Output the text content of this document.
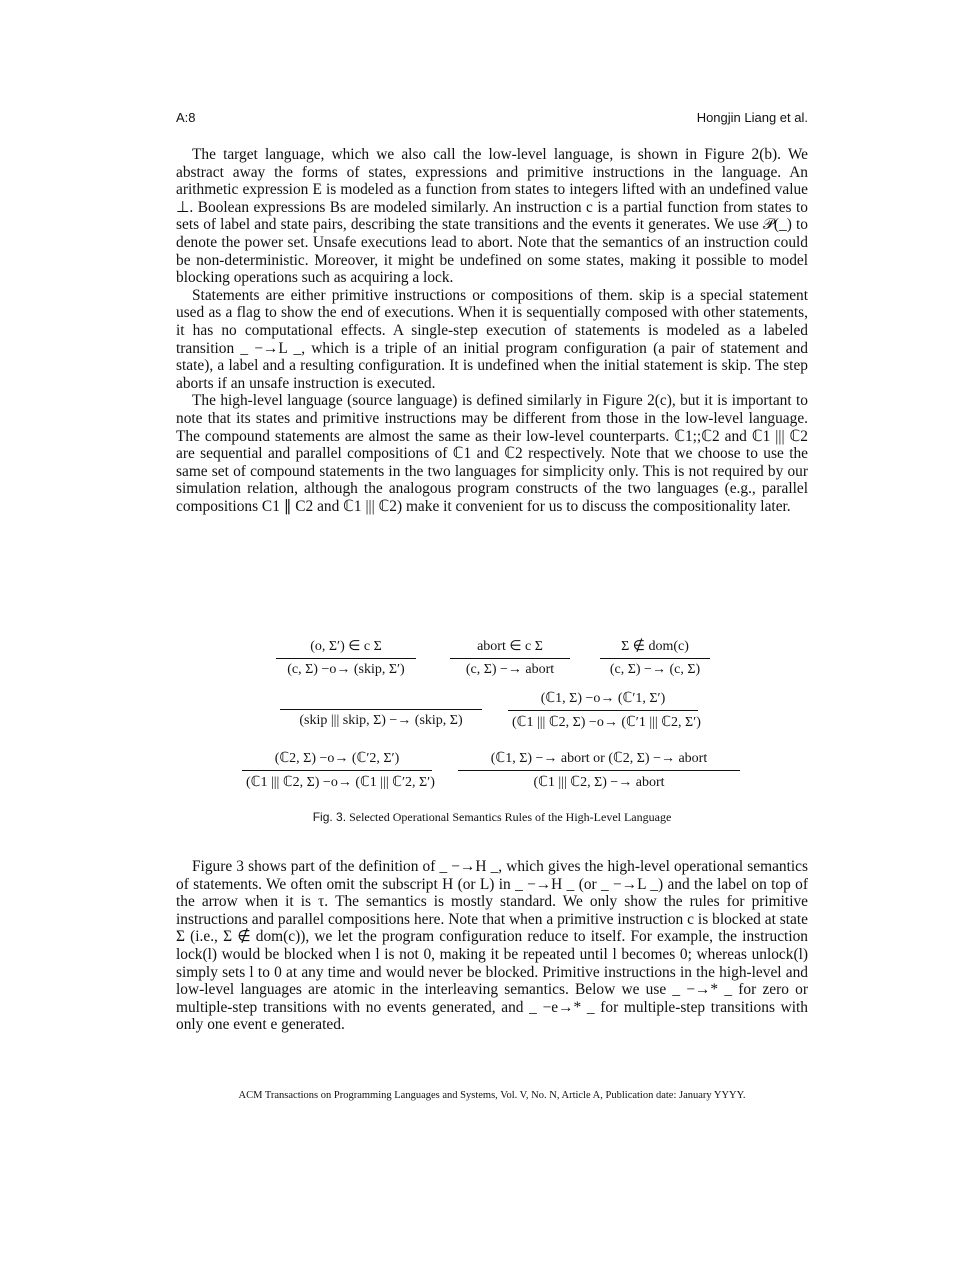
A:8	Hongjin Liang et al.

The target language, which we also call the low-level language, is shown in Figure 2(b). We abstract away the forms of states, expressions and primitive instructions in the language. An arithmetic expression E is modeled as a function from states to integers lifted with an undefined value ⊥. Boolean expressions Bs are modeled similarly. An instruction c is a partial function from states to sets of label and state pairs, describing the state transitions and the events it generates. We use 𝒫(_) to denote the power set. Unsafe executions lead to abort. Note that the semantics of an instruction could be non-deterministic. Moreover, it might be undefined on some states, making it possible to model blocking operations such as acquiring a lock.

Statements are either primitive instructions or compositions of them. skip is a special statement used as a flag to show the end of executions. When it is sequentially composed with other statements, it has no computational effects. A single-step execution of statements is modeled as a labeled transition _ −→L _, which is a triple of an initial program configuration (a pair of statement and state), a label and a resulting configuration. It is undefined when the initial statement is skip. The step aborts if an unsafe instruction is executed.

The high-level language (source language) is defined similarly in Figure 2(c), but it is important to note that its states and primitive instructions may be different from those in the low-level language. The compound statements are almost the same as their low-level counterparts. ℂ1;;ℂ2 and ℂ1 ||| ℂ2 are sequential and parallel compositions of ℂ1 and ℂ2 respectively. Note that we choose to use the same set of compound statements in the two languages for simplicity only. This is not required by our simulation relation, although the analogous program constructs of the two languages (e.g., parallel compositions C1 ∥ C2 and ℂ1 ||| ℂ2) make it convenient for us to discuss the compositionality later.

(o, Σ′) ∈ c Σ
(c, Σ) −o→ (skip, Σ′)
abort ∈ c Σ
(c, Σ) −→ abort
Σ ∉ dom(c)
(c, Σ) −→ (c, Σ)

(skip ||| skip, Σ) −→ (skip, Σ)
(ℂ1, Σ) −o→ (ℂ′1, Σ′)
(ℂ1 ||| ℂ2, Σ) −o→ (ℂ′1 ||| ℂ2, Σ′)
(ℂ2, Σ) −o→ (ℂ′2, Σ′)
(ℂ1 ||| ℂ2, Σ) −o→ (ℂ1 ||| ℂ′2, Σ′)
(ℂ1, Σ) −→ abort or (ℂ2, Σ) −→ abort
(ℂ1 ||| ℂ2, Σ) −→ abort
Fig. 3. Selected Operational Semantics Rules of the High-Level Language

Figure 3 shows part of the definition of _ −→H _, which gives the high-level operational semantics of statements. We often omit the subscript H (or L) in _ −→H _ (or _ −→L _) and the label on top of the arrow when it is τ. The semantics is mostly standard. We only show the rules for primitive instructions and parallel compositions here. Note that when a primitive instruction c is blocked at state Σ (i.e., Σ ∉ dom(c)), we let the program configuration reduce to itself. For example, the instruction lock(l) would be blocked when l is not 0, making it be repeated until l becomes 0; whereas unlock(l) simply sets l to 0 at any time and would never be blocked. Primitive instructions in the high-level and low-level languages are atomic in the interleaving semantics. Below we use _ −→* _ for zero or multiple-step transitions with no events generated, and _ −e→* _ for multiple-step transitions with only one event e generated.

ACM Transactions on Programming Languages and Systems, Vol. V, No. N, Article A, Publication date: January YYYY.
